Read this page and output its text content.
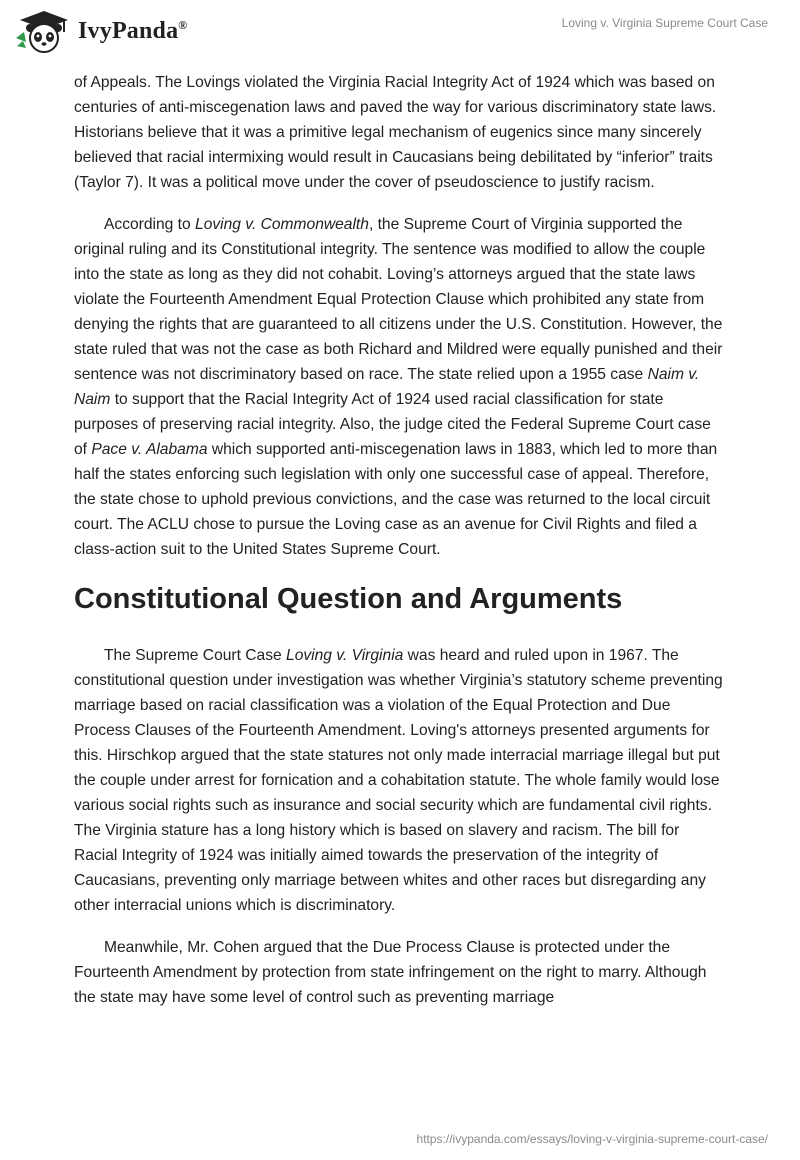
IvyPanda®	Loving v. Virginia Supreme Court Case

of Appeals. The Lovings violated the Virginia Racial Integrity Act of 1924 which was based on centuries of anti-miscegenation laws and paved the way for various discriminatory state laws. Historians believe that it was a primitive legal mechanism of eugenics since many sincerely believed that racial intermixing would result in Caucasians being debilitated by “inferior” traits (Taylor 7). It was a political move under the cover of pseudoscience to justify racism.

According to Loving v. Commonwealth, the Supreme Court of Virginia supported the original ruling and its Constitutional integrity. The sentence was modified to allow the couple into the state as long as they did not cohabit. Loving’s attorneys argued that the state laws violate the Fourteenth Amendment Equal Protection Clause which prohibited any state from denying the rights that are guaranteed to all citizens under the U.S. Constitution. However, the state ruled that was not the case as both Richard and Mildred were equally punished and their sentence was not discriminatory based on race. The state relied upon a 1955 case Naim v. Naim to support that the Racial Integrity Act of 1924 used racial classification for state purposes of preserving racial integrity. Also, the judge cited the Federal Supreme Court case of Pace v. Alabama which supported anti-miscegenation laws in 1883, which led to more than half the states enforcing such legislation with only one successful case of appeal. Therefore, the state chose to uphold previous convictions, and the case was returned to the local circuit court. The ACLU chose to pursue the Loving case as an avenue for Civil Rights and filed a class-action suit to the United States Supreme Court.

Constitutional Question and Arguments

The Supreme Court Case Loving v. Virginia was heard and ruled upon in 1967. The constitutional question under investigation was whether Virginia’s statutory scheme preventing marriage based on racial classification was a violation of the Equal Protection and Due Process Clauses of the Fourteenth Amendment. Loving's attorneys presented arguments for this. Hirschkop argued that the state statures not only made interracial marriage illegal but put the couple under arrest for fornication and a cohabitation statute. The whole family would lose various social rights such as insurance and social security which are fundamental civil rights. The Virginia stature has a long history which is based on slavery and racism. The bill for Racial Integrity of 1924 was initially aimed towards the preservation of the integrity of Caucasians, preventing only marriage between whites and other races but disregarding any other interracial unions which is discriminatory.

Meanwhile, Mr. Cohen argued that the Due Process Clause is protected under the Fourteenth Amendment by protection from state infringement on the right to marry. Although the state may have some level of control such as preventing marriage

https://ivypanda.com/essays/loving-v-virginia-supreme-court-case/
